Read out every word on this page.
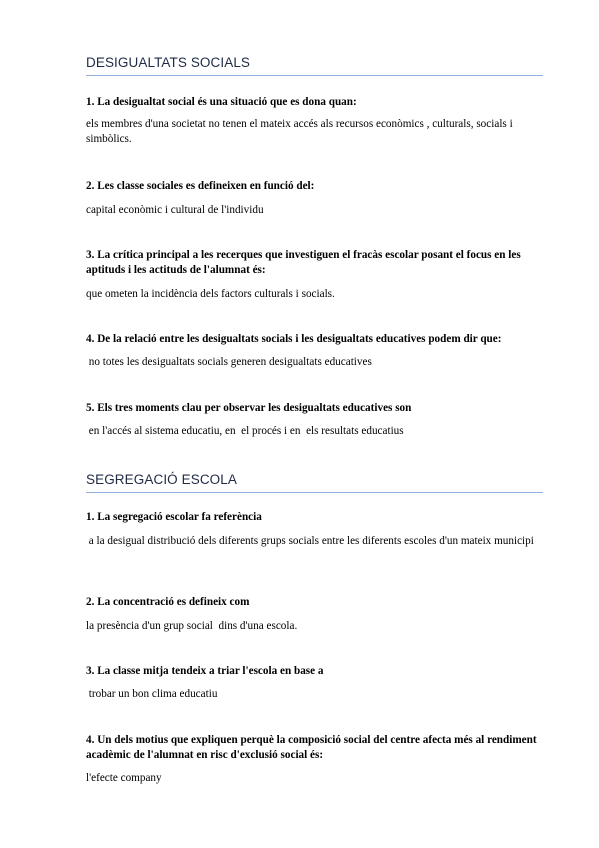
DESIGUALTATS SOCIALS

1. La desigualtat social és una situació que es dona quan:

els membres d'una societat no tenen el mateix accés als recursos econòmics , culturals, socials i simbòlics.

2. Les classe sociales es defineixen en funció del:

capital econòmic i cultural de l'individu

3. La crítica principal a les recerques que investiguen el fracàs escolar posant el focus en les aptituds i les actituds de l'alumnat és:

que ometen la incidència dels factors culturals i socials.

4. De la relació entre les desigualtats socials i les desigualtats educatives podem dir que:

no totes les desigualtats socials generen desigualtats educatives

5. Els tres moments clau per observar les desigualtats educatives son

en l'accés al sistema educatiu, en  el procés i en  els resultats educatius

SEGREGACIÓ ESCOLA

1. La segregació escolar fa referència

a la desigual distribució dels diferents grups socials entre les diferents escoles d'un mateix municipi

2. La concentració es defineix com

la presència d'un grup social  dins d'una escola.

3. La classe mitja tendeix a triar l'escola en base a

trobar un bon clima educatiu

4. Un dels motius que expliquen perquè la composició social del centre afecta més al rendiment acadèmic de l'alumnat en risc d'exclusió social és:

l'efecte company
